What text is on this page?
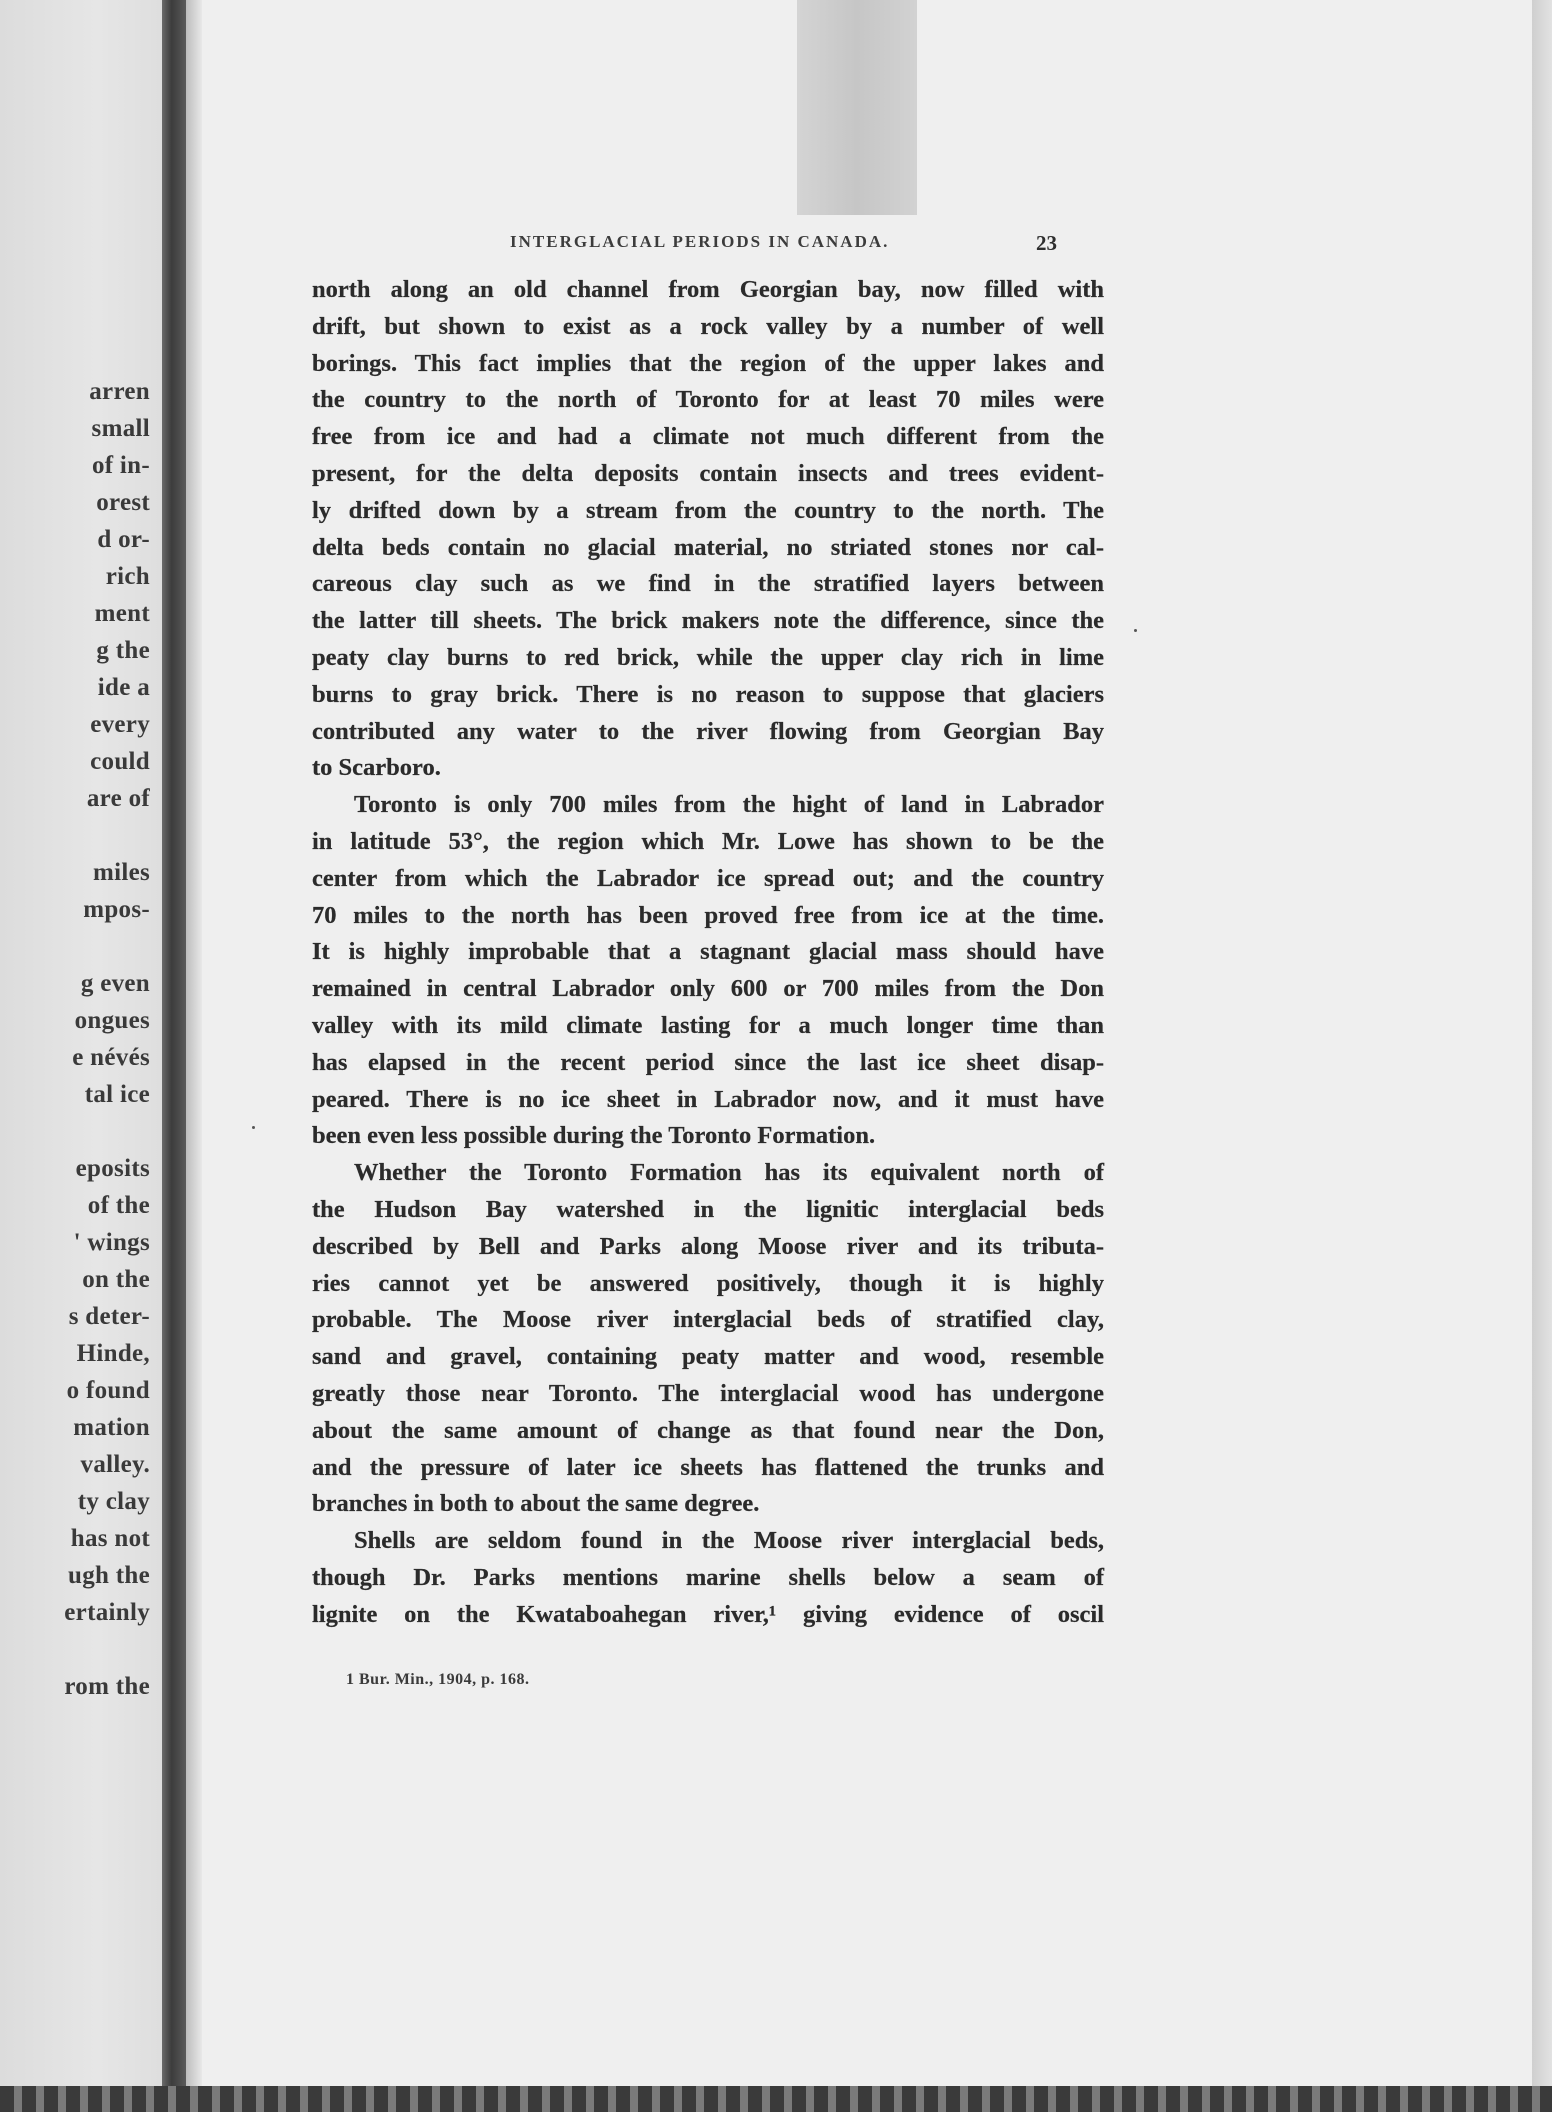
arren
small
of in-
orest
d or-
rich
ment
g the
ide a
every
could
are of
miles
mpos-
g even
ongues
e névés
tal ice
eposits
of the
' wings
on the
s deter-
Hinde,
o found
mation
valley.
ty clay
has not
ugh the
ertainly
rom the
INTERGLACIAL PERIODS IN CANADA.	23

north along an old channel from Georgian bay, now filled with

drift, but shown to exist as a rock valley by a number of well

borings. This fact implies that the region of the upper lakes and

the country to the north of Toronto for at least 70 miles were

free from ice and had a climate not much different from the

present, for the delta deposits contain insects and trees evident-

ly drifted down by a stream from the country to the north. The

delta beds contain no glacial material, no striated stones nor cal-

careous clay such as we find in the stratified layers between

the latter till sheets. The brick makers note the difference, since the

peaty clay burns to red brick, while the upper clay rich in lime

burns to gray brick. There is no reason to suppose that glaciers

contributed any water to the river flowing from Georgian Bay

to Scarboro.

Toronto is only 700 miles from the hight of land in Labrador

in latitude 53°, the region which Mr. Lowe has shown to be the

center from which the Labrador ice spread out; and the country

70 miles to the north has been proved free from ice at the time.

It is highly improbable that a stagnant glacial mass should have

remained in central Labrador only 600 or 700 miles from the Don

valley with its mild climate lasting for a much longer time than

has elapsed in the recent period since the last ice sheet disap-

peared. There is no ice sheet in Labrador now, and it must have

been even less possible during the Toronto Formation.

Whether the Toronto Formation has its equivalent north of

the Hudson Bay watershed in the lignitic interglacial beds

described by Bell and Parks along Moose river and its tributa-

ries cannot yet be answered positively, though it is highly

probable. The Moose river interglacial beds of stratified clay,

sand and gravel, containing peaty matter and wood, resemble

greatly those near Toronto. The interglacial wood has undergone

about the same amount of change as that found near the Don,

and the pressure of later ice sheets has flattened the trunks and

branches in both to about the same degree.

Shells are seldom found in the Moose river interglacial beds,

though Dr. Parks mentions marine shells below a seam of

lignite on the Kwataboahegan river,¹ giving evidence of oscil

1 Bur. Min., 1904, p. 168.
